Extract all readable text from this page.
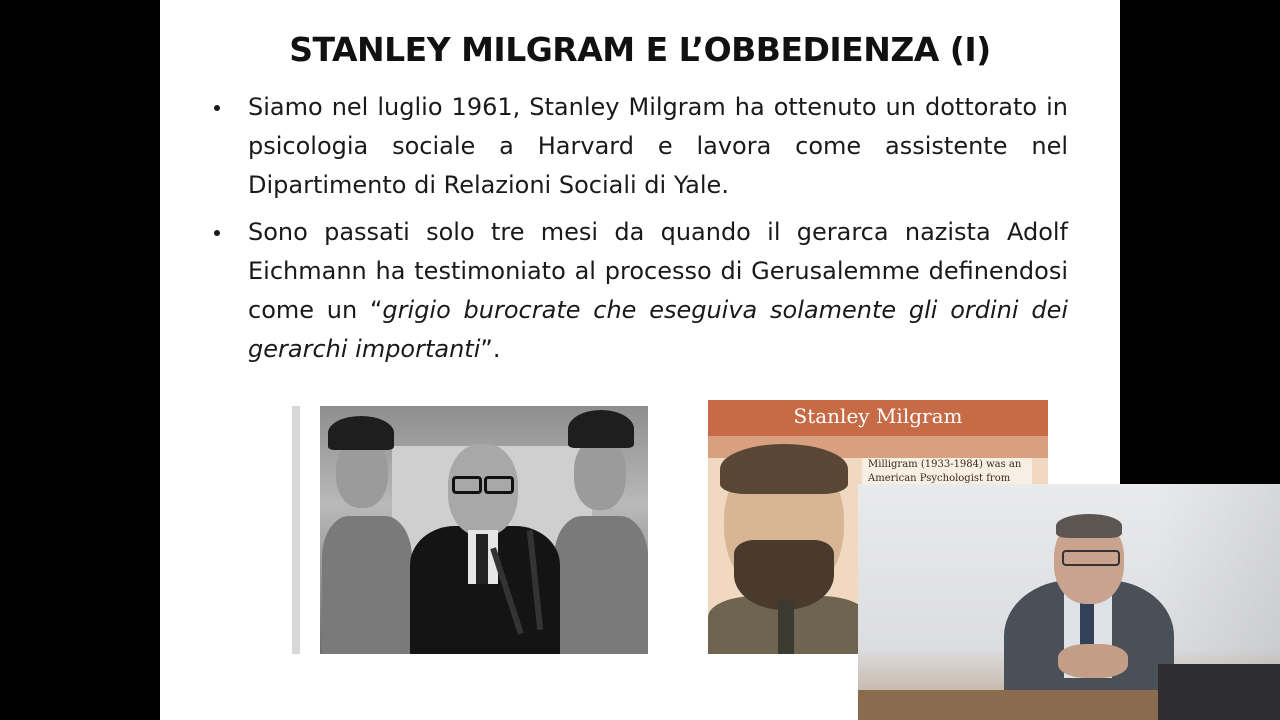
STANLEY MILGRAM E L’OBBEDIENZA (I)
Siamo nel luglio 1961, Stanley Milgram ha ottenuto un dottorato in psicologia sociale a Harvard e lavora come assistente nel Dipartimento di Relazioni Sociali di Yale.
Sono passati solo tre mesi da quando il gerarca nazista Adolf Eichmann ha testimoniato al processo di Gerusalemme definendosi come un “grigio burocrate che eseguiva solamente gli ordini dei gerarchi importanti”.
Stanley Milgram
Milligram (1933-1984) was an American Psychologist from
